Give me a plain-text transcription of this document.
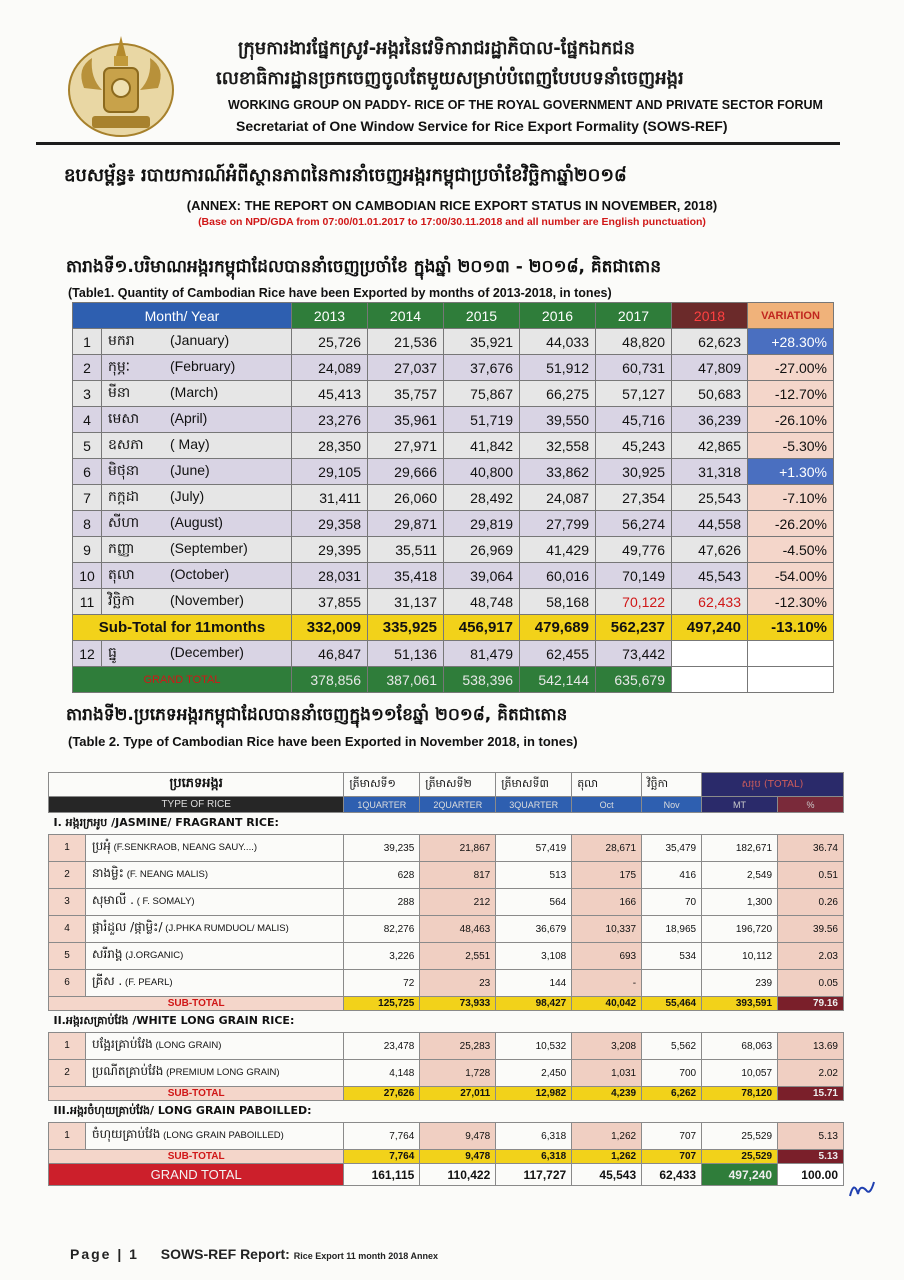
ក្រុមការងារផ្នែកស្រូវ-អង្ករនៃវេទិការាជរដ្ឋាភិបាល-ផ្នែកឯកជន
លេខាធិការដ្ឋានច្រកចេញចូលតែមួយសម្រាប់បំពេញបែបបទនាំចេញអង្ករ
WORKING GROUP ON PADDY- RICE OF THE ROYAL GOVERNMENT AND PRIVATE SECTOR FORUM
Secretariat of One Window Service for Rice Export Formality (SOWS-REF)
ឧបសម្ព័ន្ធ៖ របាយការណ៍អំពីស្ថានភាពនៃការនាំចេញអង្ករកម្ពុជាប្រចាំខែវិច្ឆិកាឆ្នាំ២០១៨
(ANNEX: THE REPORT ON CAMBODIAN RICE EXPORT STATUS IN NOVEMBER, 2018)
(Base on NPD/GDA from 07:00/01.01.2017 to 17:00/30.11.2018 and all number are English punctuation)
តារាងទី១.បរិមាណអង្ករកម្ពុជាដែលបាននាំចេញប្រចាំខែ ក្នុងឆ្នាំ ២០១៣ - ២០១៨, គិតជាតោន
(Table1. Quantity of Cambodian Rice have been Exported by months of 2013-2018, in tones)
Month/ Year		2013	2014	2015	2016	2017	2018	VARIATION
1	មករា (January)	25,726	21,536	35,921	44,033	48,820	62,623	+28.30%
2	កុម្ភៈ (February)	24,089	27,037	37,676	51,912	60,731	47,809	-27.00%
3	មីនា (March)	45,413	35,757	75,867	66,275	57,127	50,683	-12.70%
4	មេសា (April)	23,276	35,961	51,719	39,550	45,716	36,239	-26.10%
5	ឧសភា ( May)	28,350	27,971	41,842	32,558	45,243	42,865	-5.30%
6	មិថុនា (June)	29,105	29,666	40,800	33,862	30,925	31,318	+1.30%
7	កក្កដា (July)	31,411	26,060	28,492	24,087	27,354	25,543	-7.10%
8	សីហា (August)	29,358	29,871	29,819	27,799	56,274	44,558	-26.20%
9	កញ្ញា (September)	29,395	35,511	26,969	41,429	49,776	47,626	-4.50%
10	តុលា (October)	28,031	35,418	39,064	60,016	70,149	45,543	-54.00%
11	វិច្ឆិកា (November)	37,855	31,137	48,748	58,168	70,122	62,433	-12.30%
Sub-Total for 11months		332,009	335,925	456,917	479,689	562,237	497,240	-13.10%
12	ធ្នូ (December)	46,847	51,136	81,479	62,455	73,442		
GRAND TOTAL		378,856	387,061	538,396	542,144	635,679		
តារាងទី២.ប្រភេទអង្ករកម្ពុជាដែលបាននាំចេញក្នុង១១ខែឆ្នាំ ២០១៨, គិតជាតោន
(Table 2. Type of Cambodian Rice have been Exported in November 2018, in tones)
ប្រភេទអង្ករ	ត្រីមាសទី១	ត្រីមាសទី២	ត្រីមាសទី៣	តុលា	វិច្ឆិកា	សរុប (TOTAL)	
TYPE OF RICE	1QUARTER	2QUARTER	3QUARTER	Oct	Nov	MT	%
I. អង្ករក្រអូប /JASMINE/ FRAGRANT RICE:							
1 ប្រអុំ (F.SENKRAOB, NEANG SAUY....)	39,235	21,867	57,419	28,671	35,479	182,671	36.74
2 នាងម្លិះ (F. NEANG MALIS)	628	817	513	175	416	2,549	0.51
3 សុមាលី . ( F. SOMALY)	288	212	564	166	70	1,300	0.26
4 ផ្ការំដួល /ផ្កាម្លិះ/ (J.PHKA RUMDUOL/ MALIS)	82,276	48,463	36,679	10,337	18,965	196,720	39.56
5 សរីរាង្គ (J.ORGANIC)	3,226	2,551	3,108	693	534	10,112	2.03
6 គ្រីស . (F. PEARL)	72	23	144	-		239	0.05
SUB-TOTAL	125,725	73,933	98,427	40,042	55,464	393,591	79.16
II.អង្ករសគ្រាប់វែង /WHITE LONG GRAIN RICE:							
1 បង្អែរគ្រាប់វែង (LONG GRAIN)	23,478	25,283	10,532	3,208	5,562	68,063	13.69
2 ប្រណីតគ្រាប់វែង (PREMIUM LONG GRAIN)	4,148	1,728	2,450	1,031	700	10,057	2.02
SUB-TOTAL	27,626	27,011	12,982	4,239	6,262	78,120	15.71
III.អង្ករចំហុយគ្រាប់វែង/ LONG GRAIN PABOILLED:							
1 ចំហុយគ្រាប់វែង (LONG GRAIN PABOILLED)	7,764	9,478	6,318	1,262	707	25,529	5.13
SUB-TOTAL	7,764	9,478	6,318	1,262	707	25,529	5.13
GRAND TOTAL	161,115	110,422	117,727	45,543	62,433	497,240	100.00
Page | 1 SOWS-REF Report: Rice Export 11 month 2018 Annex
